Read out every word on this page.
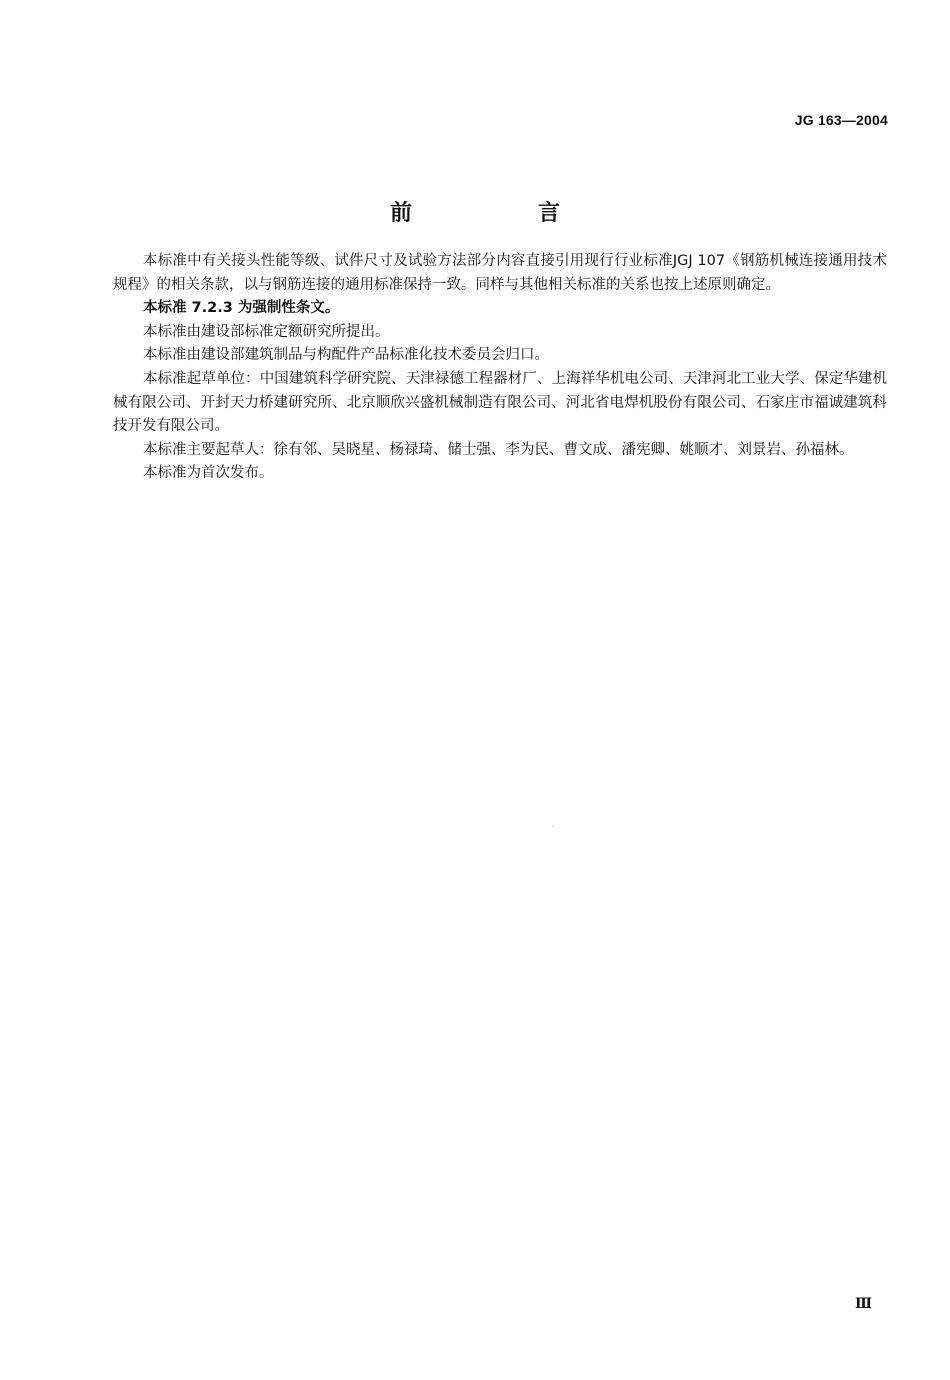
JG 163—2004
前　言

本标准中有关接头性能等级、试件尺寸及试验方法部分内容直接引用现行行业标准JGJ 107《钢筋机械连接通用技术规程》的相关条款，以与钢筋连接的通用标准保持一致。同样与其他相关标准的关系也按上述原则确定。

本标准 7.2.3 为强制性条文。

本标准由建设部标准定额研究所提出。

本标准由建设部建筑制品与构配件产品标准化技术委员会归口。

本标准起草单位：中国建筑科学研究院、天津禄德工程器材厂、上海祥华机电公司、天津河北工业大学、保定华建机械有限公司、开封天力桥建研究所、北京顺欣兴盛机械制造有限公司、河北省电焊机股份有限公司、石家庄市福诚建筑科技开发有限公司。

本标准主要起草人：徐有邻、吴晓星、杨禄琦、储士强、李为民、曹文成、潘宪卿、姚顺才、刘景岩、孙福林。

本标准为首次发布。

Ⅲ
